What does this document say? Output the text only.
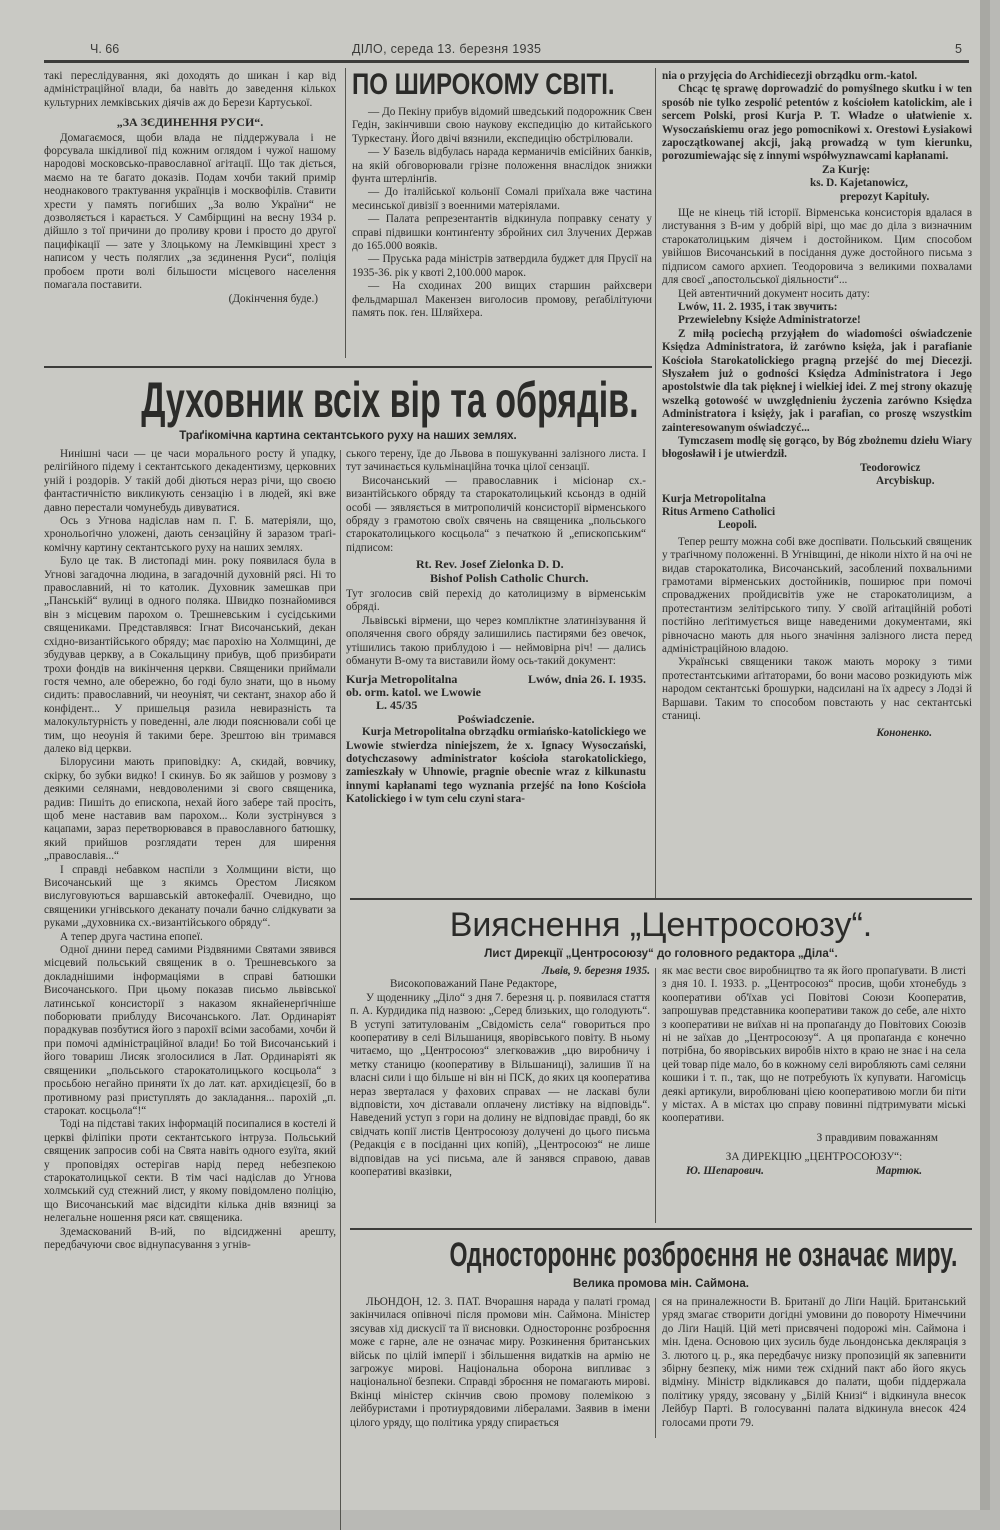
Ч. 66	ДІЛО, середа 13. березня 1935	5

такі переслідування, які доходять до шикан і кар від адміністраційної влади, ба навіть до заведення кількох культурних лемківських діячів аж до Берези Картуської.

„ЗА ЗЄДИНЕННЯ РУСИ“.

Домагаємося, щоби влада не піддержувала і не форсувала шкідливої під кожним оглядом і чужої нашому народові московсько-православної агітації. Що так діється, маємо на те багато доказів. Подам хочби такий примір неоднакового трактування українців і москвофілів. Ставити хрести у память погибших „За волю України“ не дозволяється і карається. У Самбірщині на весну 1934 р. дійшло з тої причини до проливу крови і просто до другої пацифікації — зате у Злоцькому на Лемківщині хрест з написом у честь поляглих „за зєдинення Руси“, поліція пробоєм проти волі більшости місцевого населення помагала поставити.

(Докінчення буде.)
ПО ШИРОКОМУ СВІТІ.

— До Пекіну прибув відомий шведський подорожник Свен Гедін, закінчивши свою наукову експедицію до китайського Туркестану. Його двічі вязнили, експедицію обстрілювали.

— У Базель відбулась нарада керманичів емісійних банків, на якій обговорювали грізне положення внаслідок знижки фунта штерлінґів.

— До італійської кольонії Сомалі приїхала вже частина месинської дивізії з военними матеріялами.

— Палата репрезентантів відкинула поправку сенату у справі підвишки континґенту збройних сил Злучених Держав до 165.000 вояків.

— Пруська рада міністрів затвердила буджет для Прусії на 1935-36. рік у квоті 2,100.000 марок.

— На сходинах 200 вищих старшин райхсвери фельдмаршал Макензен виголосив промову, реґабілітуючи память пок. ґен. Шляйхера.

Духовник всіх вір та обрядів.
Траґікомічна картина сектантського руху на наших землях.

Нинішні часи — це часи морального росту й упадку, релігійного підему і сектантського декадентизму, церковних уній і роздорів. У такій добі діються нераз річи, що своєю фантастичністю викликують сензацію і в людей, які вже давно перестали чомунебудь дивуватися.

Ось з Угнова надіслав нам п. Г. Б. матеріяли, що, хронольоґічно уложені, дають сензаційну й заразом траґі-комічну картину сектантського руху на наших землях.

Було це так. В листопаді мин. року появилася була в Угнові загадочна людина, в загадочній духовній рясі. Ні то православний, ні то католик. Духовник замешкав при „Панській“ вулиці в одного поляка. Швидко познайомився він з місцевим парохом о. Трешневським і сусідськими священиками. Представлявся: Ігнат Височанський, декан східно-византійського обряду; має парохію на Холмщині, де збудував церкву, а в Сокальщину прибув, щоб призбирати трохи фондів на викінчення церкви. Священики приймали гостя чемно, але обережно, бо годі було знати, що в ньому сидить: православний, чи неоуніят, чи сектант, знахор або й конфідент... У пришельця разила невиразність та малокультурність у поведенні, але люди пояснювали собі це тим, що неоунія й такими бере. Зрештою він тримався далеко від церкви.

Білорусини мають приповідку: А, скидай, вовчику, скірку, бо зубки видко! І скинув. Бо як зайшов у розмову з деякими селянами, невдоволеними зі свого священика, радив: Пишіть до епископа, нехай його забере тай просіть, щоб мене наставив вам парохом... Коли зустрінувся з кацапами, зараз перетворювався в православного батюшку, який прийшов розглядати терен для ширення „православія...“

І справді небавком наспіли з Холмщини вісти, що Височанський ще з якимсь Орестом Лисяком вислуговуються варшавській автокефалії. Очевидно, що священики угнівського деканату почали бачно слідкувати за руками „духовника сх.-византійського обряду“.

А тепер друга частина епопеї.

Одної днини перед самими Різдвяними Святами зявився місцевий польський священик в о. Трешневського за докладнішими інформаціями в справі батюшки Височанського. При цьому показав письмо львівської латинської консисторії з наказом якнайенерґічніше поборювати приблуду Височанського. Лат. Ординаріят порадкував позбутися його з парохії всіми засобами, хочби й при помочі адміністраційної влади! Бо той Височанський і його товариш Лисяк зголосилися в Лат. Ординаріяті як священики „польського старокатолицького косцьола“ з просьбою негайно приняти їх до лат. кат. архидієцезії, бо в противному разі приступлять до закладання... парохій „п. старокат. косцьола“!“

Тоді на підставі таких інформацій посипалися в костелі й церкві філіпіки проти сектантського інтруза. Польський священик запросив собі на Свята навіть одного езуїта, який у проповідях остерігав нарід перед небезпекою старокатолицької секти. В тім часі надіслав до Угнова холмський суд стежний лист, у якому повідомлено поліцію, що Височанський має відсидіти кілька днів вязниці за нелегальне ношення ряси кат. священика.

Здемаскований В-ий, по відсидженні арешту, передбачуючи своє віднупасування з угнів-

ського терену, їде до Львова в пошукуванні залізного листа. І тут зачинається кульмінаційна точка цілої сензації.

Височанський — православник і місіонар сх.-византійського обряду та старокатолицький ксьондз в одній особі — зявляється в митрополичій консисторії вірменського обряду з грамотою своїх свячень на священика „польського старокатолицького косцьола“ з печаткою й „епископським“ підписом:

Rt. Rev. Josef Zielonka D. D.
Bishof Polish Catholic Church.

Тут зголосив свій перехід до католицизму в вірменськім обряді.

Львівські вірмени, що через компліктне златинізування й ополячення свого обряду залишились пастирями без овечок, утішились такою приблудою і — неймовірна річ! — дались обманути В-ому та виставили йому ось-такий документ:

Kurja Metropolitalna
ob. orm. katol. we Lwowie
L. 45/35
Lwów, dnia 26. I. 1935.
Poświadczenie.

Kurja Metropolitalna obrządku ormiańsko-katolickiego we Lwowie stwierdza niniejszem, że x. Ignacy Wysoczański, dotychczasowy administrator kościoła starokatolickiego, zamieszkały w Uhnowie, pragnie obecnie wraz z kilkunastu innymi kapłanami tego wyznania przejść na łono Kościoła Katolickiego i w tym celu czyni stara-

nia o przyjęcia do Archidiecezji obrządku orm.-katol.

Chcąc tę sprawę doprowadzić do pomyślnego skutku i w ten sposób nie tylko zespolić petentów z kościołem katolickim, ale i sercem Polski, prosi Kurja P. T. Władze o ułatwienie x. Wysoczańskiemu oraz jego pomocnikowi x. Orestowi Łysiakowi zapoczątkowanej akcji, jaką prowadzą w tym kierunku, porozumiewając się z innymi współwyznawcami kapłanami.

Za Kurję:
ks. D. Kajetanowicz,
prepozyt Kapituły.

Ще не кінець тій історії. Вірменська консисторія вдалася в листування з В-им у добрій вірі, що має до діла з визначним старокатолицьким діячем і достойником. Цим способом увійшов Височанський в посідання дуже достойного письма з підписом самого архиеп. Теодоровича з великими похвалами для своєї „апостольської діяльности“...

Цей автентичний документ носить дату:

Lwów, 11. 2. 1935, і так звучить:

Przewielebny Księże Administratorze!

Z miłą pociechą przyjąłem do wiadomości oświadczenie Księdza Administratora, iż zarówno księża, jak i parafianie Kościoła Starokatolickiego pragną przejść do mej Diecezji. Słyszałem już o godności Księdza Administratora i Jego apostolstwie dla tak pięknej i wielkiej idei. Z mej strony okazuję wszelką gotowość w uwzględnieniu życzenia zarówno Księdza Administratora i księży, jak i parafian, co proszę wszystkim zainteresowanym oświadczyć...

Tymczasem modlę się gorąco, by Bóg zbożnemu dziełu Wiary błogosławił i je utwierdził.

Teodorowicz
Arcybiskup.
Kurja Metropolitalna
Ritus Armeno Catholici
Leopoli.

Тепер решту можна собі вже доспівати. Польський священик у траґічному положенні. В Угнівщині, де ніколи ніхто й на очі не видав старокатолика, Височанський, засоблений похвальними грамотами вірменських достойників, поширює при помочі спроваджених пройдисвітів уже не старокатолицизм, а протестантизм зелітірського типу. У своїй аґітаційній роботі постійно леґітимується вище наведеними документами, які рівночасно мають для нього значіння залізного листа перед адміністраційною владою.

Українські священики також мають мороку з тими протестантськими аґітаторами, бо вони масово розкидують між народом сектантські брошурки, надсилані на їх адресу з Лодзі й Варшави. Таким то способом повстають у нас сектантські станиці.

Кононенко.
Вияснення „Центросоюзу“.
Лист Дирекції „Центросоюзу“ до головного редактора „Діла“.
Львів, 9. березня 1935.
Високоповажаний Пане Редакторе,

У щоденнику „Діло“ з дня 7. березня ц. р. появилася стаття п. А. Курдидика під назвою: „Серед близьких, що голодують“. В уступі затитулованім „Свідомість села“ говориться про кооперативу в селі Вільшаниця, яворівського повіту. В ньому читаємо, що „Центросоюз“ злегковажив „цю виробничу і метку станицю (кооперативу в Вільшаниці), залишив її на власні сили і що більше ні він ні ПСК, до яких ця кооператива нераз зверталася у фахових справах — не ласкаві були відповісти, хоч діставали оплачену листівку на відповідь“. Наведений уступ з гори на долину не відповідає правді, бо як свідчать копії листів Центросоюзу долучені до цього письма (Редакція є в посіданні цих копій), „Центросоюз“ не лише відповідав на усі письма, але й занявся справою, давав кооперативі вказівки,

як має вести своє виробництво та як його пропаґувати. В листі з дня 10. I. 1933. р. „Центросоюз“ просив, щоби хтонебудь з кооперативи об'їхав усі Повітові Союзи Кооператив, запрошував представника кооперативи також до себе, але ніхто з кооперативи не виїхав ні на пропаґанду до Повітових Союзів ні не заїхав до „Центросоюзу“. А ця пропаґанда є конечно потрібна, бо яворівських виробів ніхто в краю не знає і на села цей товар піде мало, бо в кожному селі виробляють самі селяни кошики і т. п., так, що не потребують їх купувати. Нагомісць деякі артикули, вироблювані цією кооперативою могли би піти у містах. А в містах цю справу повинні підтримувати міські кооперативи.

З правдивим поважанням
ЗА ДИРЕКЦІЮ „ЦЕНТРОСОЮЗУ“:
Ю. Шепарович.	Мартюк.
Одностороннє розброєння не означає миру.
Велика промова мін. Саймона.

ЛЬОНДОН, 12. 3. ПАТ. Вчорашня нарада у палаті громад закінчилася опівночі після промови мін. Саймона. Міністер зясував хід дискусії та її висновки. Одностороннє розброєння може є гарне, але не означає миру. Розкинення британських військ по цілій імперії і збільшення видатків на армію не загрожує мирові. Національна оборона випливає з національної безпеки. Справді зброєння не помагають мирові. Вкінці міністер скінчив свою промову полемікою з лейбуристами і протиурядовими лібералами. Заявив в імени цілого уряду, що політика уряду спирається

ся на приналежности В. Британії до Ліґи Націй. Британський уряд змагає створити догідні умовини до повороту Німеччини до Ліґи Націй. Цій меті присвячені подорожі мін. Саймона і мін. Ідена. Основою цих зусиль буде льондонська деклярація з 3. лютого ц. р., яка передбачує низку пропозицій як запевнити збірну безпеку, між ними теж східний пакт або його якусь відміну. Міністр відкликався до палати, щоби піддержала політику уряду, зясовану у „Білій Книзі“ і відкинула внесок Лейбур Парті. В голосуванні палата відкинула внесок 424 голосами проти 79.
